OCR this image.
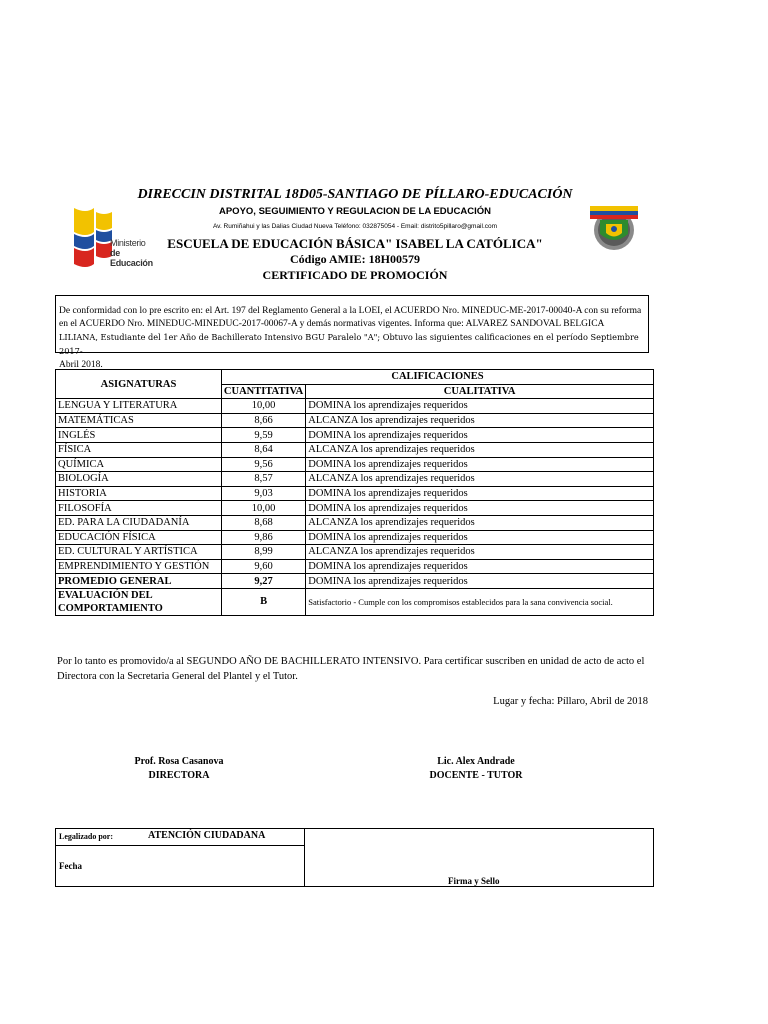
Ministerio
de Educación
DIRECCIN DISTRITAL 18D05-SANTIAGO DE PÍLLARO-EDUCACIÓN
APOYO, SEGUIMIENTO Y REGULACION DE LA EDUCACIÓN
Av. Rumiñahui y las Dalias Ciudad Nueva Teléfono: 032875054 - Email: distrito5pillaro@gmail.com
ESCUELA DE EDUCACIÓN BÁSICA" ISABEL LA CATÓLICA"
Código AMIE: 18H00579
CERTIFICADO DE PROMOCIÓN
De conformidad con lo pre escrito en: el Art. 197 del Reglamento General a la LOEI, el ACUERDO Nro. MINEDUC-ME-2017-00040-A con su reforma en el ACUERDO Nro. MINEDUC-MINEDUC-2017-00067-A y demás normativas vigentes. Informa que: ALVAREZ SANDOVAL BELGICA LILIANA, Estudiante del 1er Año de Bachillerato Intensivo BGU Paralelo "A"; Obtuvo las siguientes calificaciones en el período Septiembre 2017-
Abril 2018.
ASIGNATURAS	CALIFICACIONES	
	CUANTITATIVA	CUALITATIVA
LENGUA Y LITERATURA	10,00	DOMINA los aprendizajes requeridos
MATEMÁTICAS	8,66	ALCANZA los aprendizajes requeridos
INGLÉS	9,59	DOMINA los aprendizajes requeridos
FÍSICA	8,64	ALCANZA los aprendizajes requeridos
QUÍMICA	9,56	DOMINA los aprendizajes requeridos
BIOLOGÍA	8,57	ALCANZA los aprendizajes requeridos
HISTORIA	9,03	DOMINA los aprendizajes requeridos
FILOSOFÍA	10,00	DOMINA los aprendizajes requeridos
ED. PARA LA CIUDADANÍA	8,68	ALCANZA los aprendizajes requeridos
EDUCACIÓN FÍSICA	9,86	DOMINA los aprendizajes requeridos
ED. CULTURAL Y ARTÍSTICA	8,99	ALCANZA los aprendizajes requeridos
EMPRENDIMIENTO Y GESTIÓN	9,60	DOMINA los aprendizajes requeridos
PROMEDIO GENERAL	9,27	DOMINA los aprendizajes requeridos
EVALUACIÓN DEL
COMPORTAMIENTO	B	Satisfactorio - Cumple con los compromisos establecidos para la sana convivencia social.
Por lo tanto es promovido/a al SEGUNDO AÑO DE BACHILLERATO INTENSIVO. Para certificar suscriben en unidad de acto de acto el Directora con la Secretaria General del Plantel y el Tutor.
Lugar y fecha: Píllaro, Abril de 2018
Prof. Rosa Casanova
DIRECTORA
Lic. Alex Andrade
DOCENTE - TUTOR
Legalizado por:	ATENCIÓN CIUDADANA
Fecha
Firma y Sello
